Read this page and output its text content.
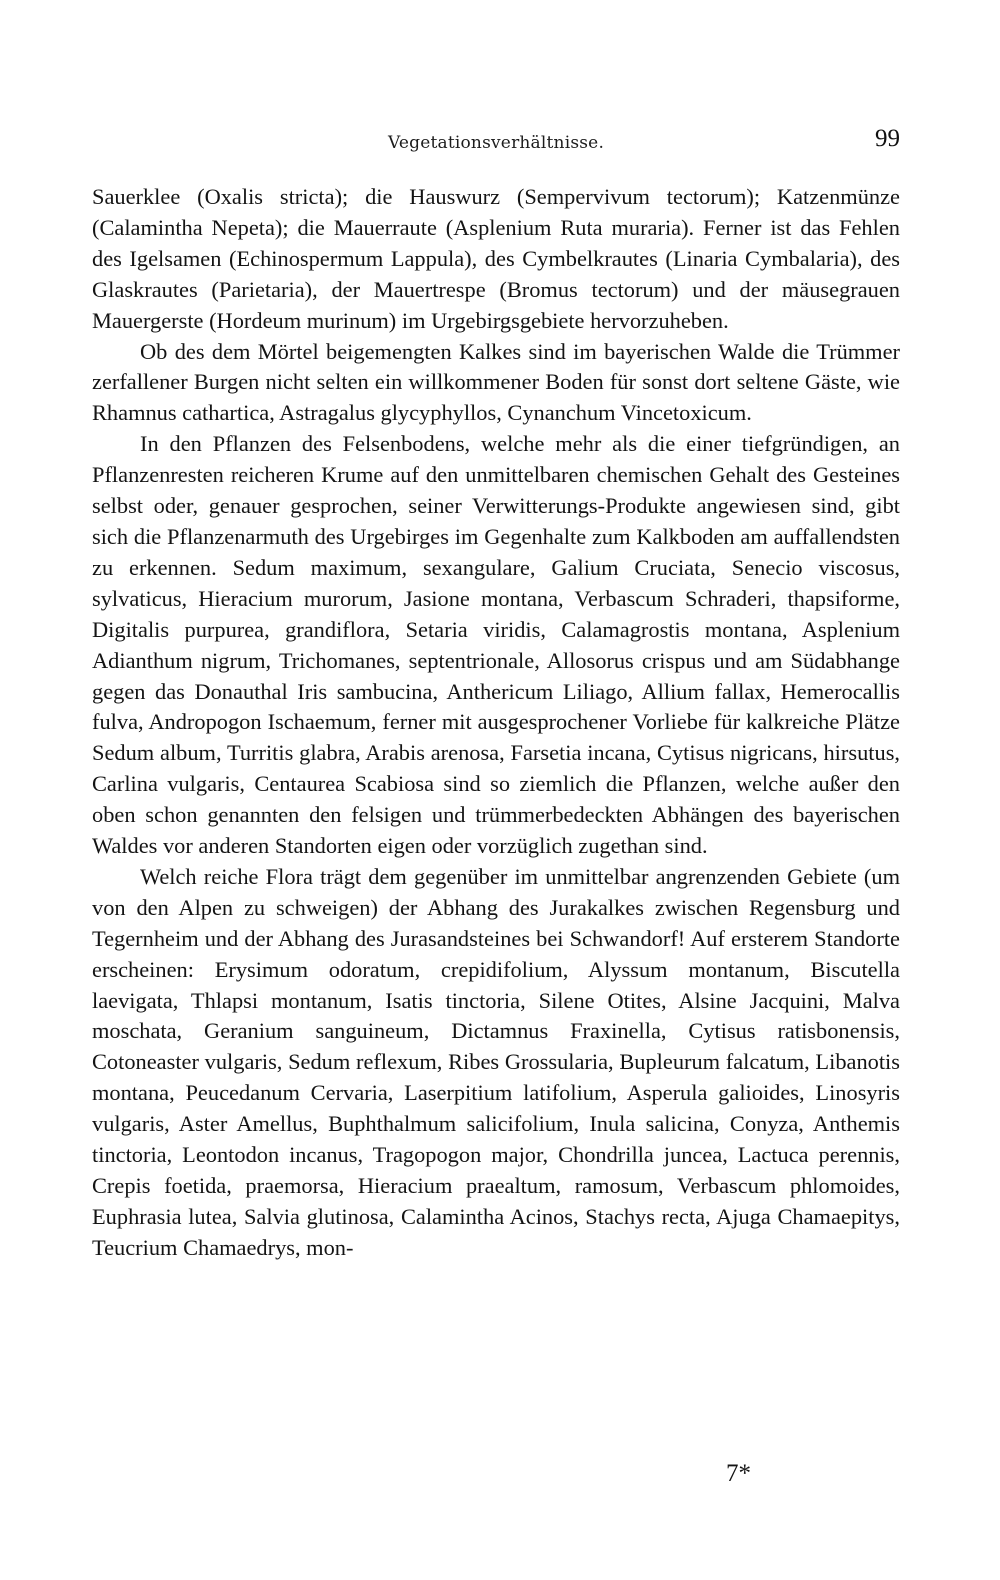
Vegetationsverhältnisse.	99

Sauerklee (Oxalis stricta); die Hauswurz (Sempervivum tectorum); Katzenmünze (Calamintha Nepeta); die Mauerraute (Asplenium Ruta muraria). Ferner ist das Fehlen des Igelsamen (Echinospermum Lappula), des Cymbelkrautes (Linaria Cymbalaria), des Glaskrautes (Parietaria), der Mauertrespe (Bromus tectorum) und der mäusegrauen Mauergerste (Hordeum murinum) im Urgebirgsgebiete hervorzuheben.

Ob des dem Mörtel beigemengten Kalkes sind im bayerischen Walde die Trümmer zerfallener Burgen nicht selten ein willkommener Boden für sonst dort seltene Gäste, wie Rhamnus cathartica, Astragalus glycyphyllos, Cynanchum Vincetoxicum.

In den Pflanzen des Felsenbodens, welche mehr als die einer tiefgründigen, an Pflanzenresten reicheren Krume auf den unmittelbaren chemischen Gehalt des Gesteines selbst oder, genauer gesprochen, seiner Verwitterungs-Produkte angewiesen sind, gibt sich die Pflanzenarmuth des Urgebirges im Gegenhalte zum Kalkboden am auffallendsten zu erkennen. Sedum maximum, sexangulare, Galium Cruciata, Senecio viscosus, sylvaticus, Hieracium murorum, Jasione montana, Verbascum Schraderi, thapsiforme, Digitalis purpurea, grandiflora, Setaria viridis, Calamagrostis montana, Asplenium Adianthum nigrum, Trichomanes, septentrionale, Allosorus crispus und am Südabhange gegen das Donauthal Iris sambucina, Anthericum Liliago, Allium fallax, Hemerocallis fulva, Andropogon Ischaemum, ferner mit ausgesprochener Vorliebe für kalkreiche Plätze Sedum album, Turritis glabra, Arabis arenosa, Farsetia incana, Cytisus nigricans, hirsutus, Carlina vulgaris, Centaurea Scabiosa sind so ziemlich die Pflanzen, welche außer den oben schon genannten den felsigen und trümmerbedeckten Abhängen des bayerischen Waldes vor anderen Standorten eigen oder vorzüglich zugethan sind.

Welch reiche Flora trägt dem gegenüber im unmittelbar angrenzenden Gebiete (um von den Alpen zu schweigen) der Abhang des Jurakalkes zwischen Regensburg und Tegernheim und der Abhang des Jurasandsteines bei Schwandorf! Auf ersterem Standorte erscheinen: Erysimum odoratum, crepidifolium, Alyssum montanum, Biscutella laevigata, Thlapsi montanum, Isatis tinctoria, Silene Otites, Alsine Jacquini, Malva moschata, Geranium sanguineum, Dictamnus Fraxinella, Cytisus ratisbonensis, Cotoneaster vulgaris, Sedum reflexum, Ribes Grossularia, Bupleurum falcatum, Libanotis montana, Peucedanum Cervaria, Laserpitium latifolium, Asperula galioides, Linosyris vulgaris, Aster Amellus, Buphthalmum salicifolium, Inula salicina, Conyza, Anthemis tinctoria, Leontodon incanus, Tragopogon major, Chondrilla juncea, Lactuca perennis, Crepis foetida, praemorsa, Hieracium praealtum, ramosum, Verbascum phlomoides, Euphrasia lutea, Salvia glutinosa, Calamintha Acinos, Stachys recta, Ajuga Chamaepitys, Teucrium Chamaedrys, mon-

7*
